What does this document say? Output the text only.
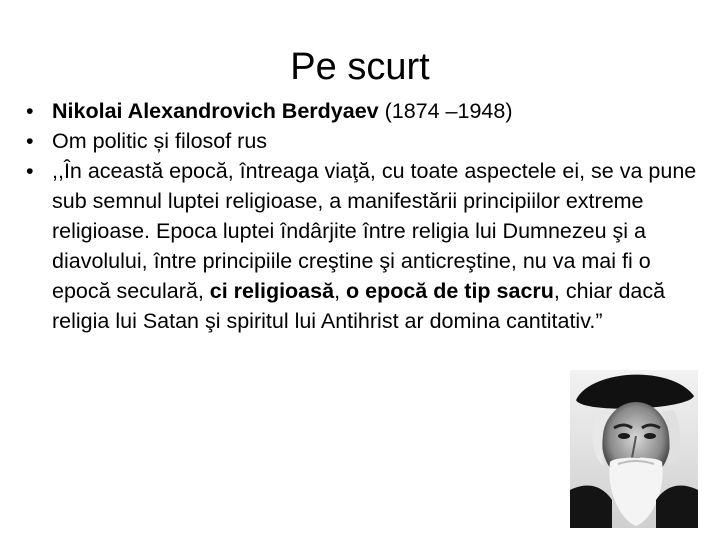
Pe scurt

• Nikolai Alexandrovich Berdyaev (1874 –1948)

• Om politic și filosof rus

• ,,În această epocă, întreaga viaţă, cu toate aspectele ei, se va pune sub semnul luptei religioase, a manifestării principiilor extreme religioase. Epoca luptei îndârjite între religia lui Dumnezeu şi a diavolului, între principiile creştine şi anticreştine, nu va mai fi o epocă seculară, ci religioasă, o epocă de tip sacru, chiar dacă religia lui Satan şi spiritul lui Antihrist ar domina cantitativ.”
